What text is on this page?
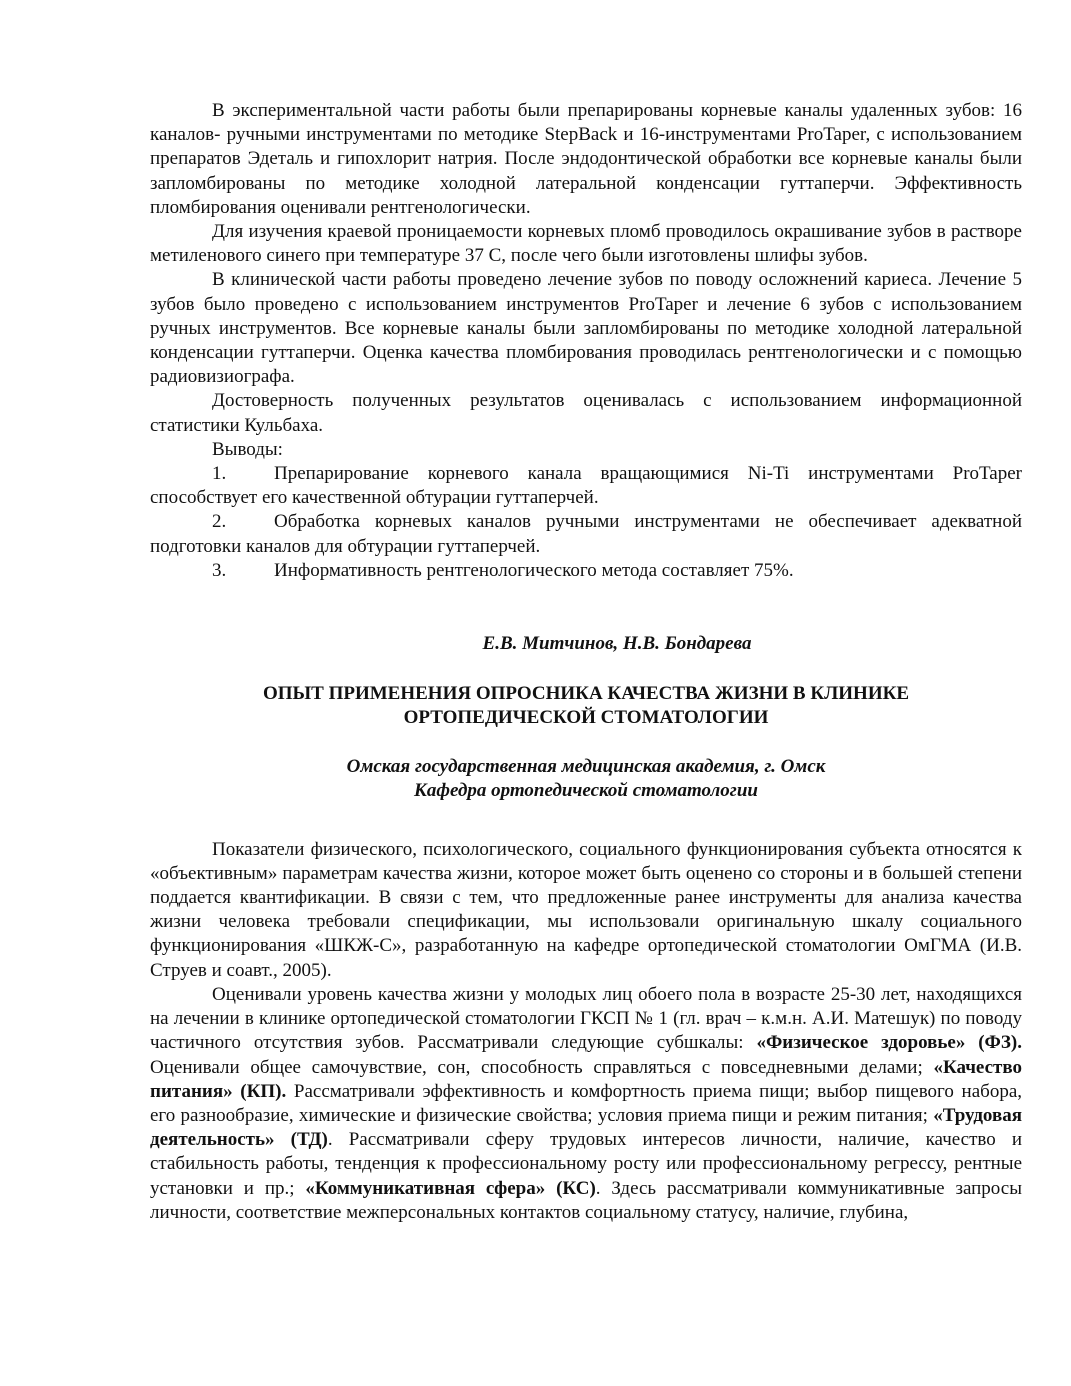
В экспериментальной части работы были препарированы корневые каналы удаленных зубов: 16 каналов- ручными инструментами по методике StepBack и 16-инструментами ProTaper, с использованием препаратов Эдеталь и гипохлорит натрия. После эндодонтической обработки все корневые каналы были запломбированы по методике холодной латеральной конденсации гуттаперчи. Эффективность пломбирования оценивали рентгенологически.

Для изучения краевой проницаемости корневых пломб проводилось окрашивание зубов в растворе метиленового синего при температуре 37 С, после чего были изготовлены шлифы зубов.

В клинической части работы проведено лечение зубов по поводу осложнений кариеса. Лечение 5 зубов было проведено с использованием инструментов ProTaper и лечение 6 зубов с использованием ручных инструментов. Все корневые каналы были запломбированы по методике холодной латеральной конденсации гуттаперчи. Оценка качества пломбирования проводилась рентгенологически и с помощью радиовизиографа.

Достоверность полученных результатов оценивалась с использованием информационной статистики Кульбаха.

Выводы:

1.	Препарирование корневого канала вращающимися Ni-Ti инструментами ProTaper способствует его качественной обтурации гуттаперчей.

2.	Обработка корневых каналов ручными инструментами не обеспечивает адекватной подготовки каналов для обтурации гуттаперчей.

3.	Информативность рентгенологического метода составляет 75%.

Е.В. Митчинов, Н.В. Бондарева

ОПЫТ ПРИМЕНЕНИЯ ОПРОСНИКА КАЧЕСТВА ЖИЗНИ В КЛИНИКЕ
ОРТОПЕДИЧЕСКОЙ СТОМАТОЛОГИИ
Омская государственная медицинская академия, г. Омск
Кафедра ортопедической стоматологии

Показатели физического, психологического, социального функционирования субъекта относятся к «объективным» параметрам качества жизни, которое может быть оценено со стороны и в большей степени поддается квантификации. В связи с тем, что предложенные ранее инструменты для анализа качества жизни человека требовали спецификации, мы использовали оригинальную шкалу социального функционирования «ШКЖ-С», разработанную на кафедре ортопедической стоматологии ОмГМА (И.В. Струев и соавт., 2005).

Оценивали уровень качества жизни у молодых лиц обоего пола в возрасте 25-30 лет, находящихся на лечении в клинике ортопедической стоматологии ГКСП № 1 (гл. врач – к.м.н. А.И. Матешук) по поводу частичного отсутствия зубов. Рассматривали следующие субшкалы: «Физическое здоровье» (ФЗ). Оценивали общее самочувствие, сон, способность справляться с повседневными делами; «Качество питания» (КП). Рассматривали эффективность и комфортность приема пищи; выбор пищевого набора, его разнообразие, химические и физические свойства; условия приема пищи и режим питания; «Трудовая деятельность» (ТД). Рассматривали сферу трудовых интересов личности, наличие, качество и стабильность работы, тенденция к профессиональному росту или профессиональному регрессу, рентные установки и пр.; «Коммуникативная сфера» (КС). Здесь рассматривали коммуникативные запросы личности, соответствие межперсональных контактов социальному статусу, наличие, глубина,
